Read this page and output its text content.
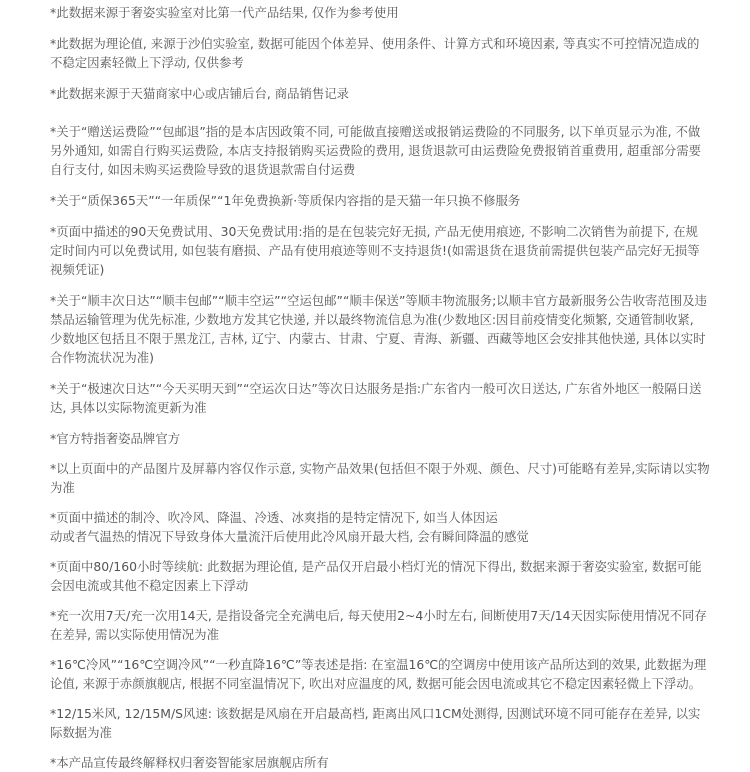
*此数据来源于奢姿实验室对比第一代产品结果, 仅作为参考使用

*此数据为理论值, 来源于沙伯实验室, 数据可能因个体差异、使用条件、计算方式和环境因素, 等真实不可控情况造成的不稳定因素轻微上下浮动, 仅供参考

*此数据来源于天猫商家中心或店铺后台, 商品销售记录

*关于“赠送运费险”“包邮退”指的是本店因政策不同, 可能做直接赠送或报销运费险的不同服务, 以下单页显示为准, 不做另外通知, 如需自行购买运费险, 本店支持报销购买运费险的费用, 退货退款可由运费险免费报销首重费用, 超重部分需要自行支付, 如因未购买运费险导致的退货退款需自付运费

*关于“质保365天”“一年质保”“1年免费换新·等质保内容指的是天猫一年只换不修服务

*页面中描述的90天免费试用、30天免费试用:指的是在包装完好无损, 产品无使用痕迹, 不影响二次销售为前提下, 在规定时间内可以免费试用, 如包装有磨损、产品有使用痕迹等则不支持退货!(如需退货在退货前需提供包装产品完好无损等视频凭证)

*关于“顺丰次日达”“顺丰包邮”“顺丰空运”“空运包邮”“顺丰保送”等顺丰物流服务;以顺丰官方最新服务公告收寄范围及违禁品运输管理为优先标准, 少数地方发其它快递, 并以最终物流信息为准(少数地区:因目前疫情变化频繁, 交通管制收紧, 少数地区包括且不限于黑龙江, 吉林, 辽宁、内蒙古、甘肃、宁夏、青海、新疆、西藏等地区会安排其他快递, 具体以实时合作物流状况为准)

*关于“极速次日达”“今天买明天到”“空运次日达”等次日达服务是指:广东省内一般可次日送达, 广东省外地区一般隔日送达, 具体以实际物流更新为准

*官方特指奢姿品牌官方

*以上页面中的产品图片及屏幕内容仅作示意, 实物产品效果(包括但不限于外观、颜色、尺寸)可能略有差异,实际请以实物为准

*页面中描述的制冷、吹冷风、降温、冷透、冰爽指的是特定情况下, 如当人体因运
动或者气温热的情况下导致身体大量流汗后使用此冷风扇开最大档, 会有瞬间降温的感觉

*页面中80/160小时等续航: 此数据为理论值, 是产品仅开启最小档灯光的情况下得出, 数据来源于奢姿实验室, 数据可能会因电流或其他不稳定因素上下浮动

*充一次用7天/充一次用14天, 是指设备完全充满电后, 每天使用2~4小时左右, 间断使用7天/14天因实际使用情况不同存在差异, 需以实际使用情况为准

*16℃冷风”“16℃空调冷风”“一秒直降16℃”等表述是指: 在室温16℃的空调房中使用该产品所达到的效果, 此数据为理论值, 来源于赤颜旗舰店, 根据不同室温情况下, 吹出对应温度的风, 数据可能会因电流或其它不稳定因素轻微上下浮动。

*12/15米风, 12/15M/S风速: 该数据是风扇在开启最高档, 距离出风口1CM处测得, 因测试环境不同可能存在差异, 以实际数据为准

*本产品宣传最终解释权归奢姿智能家居旗舰店所有
